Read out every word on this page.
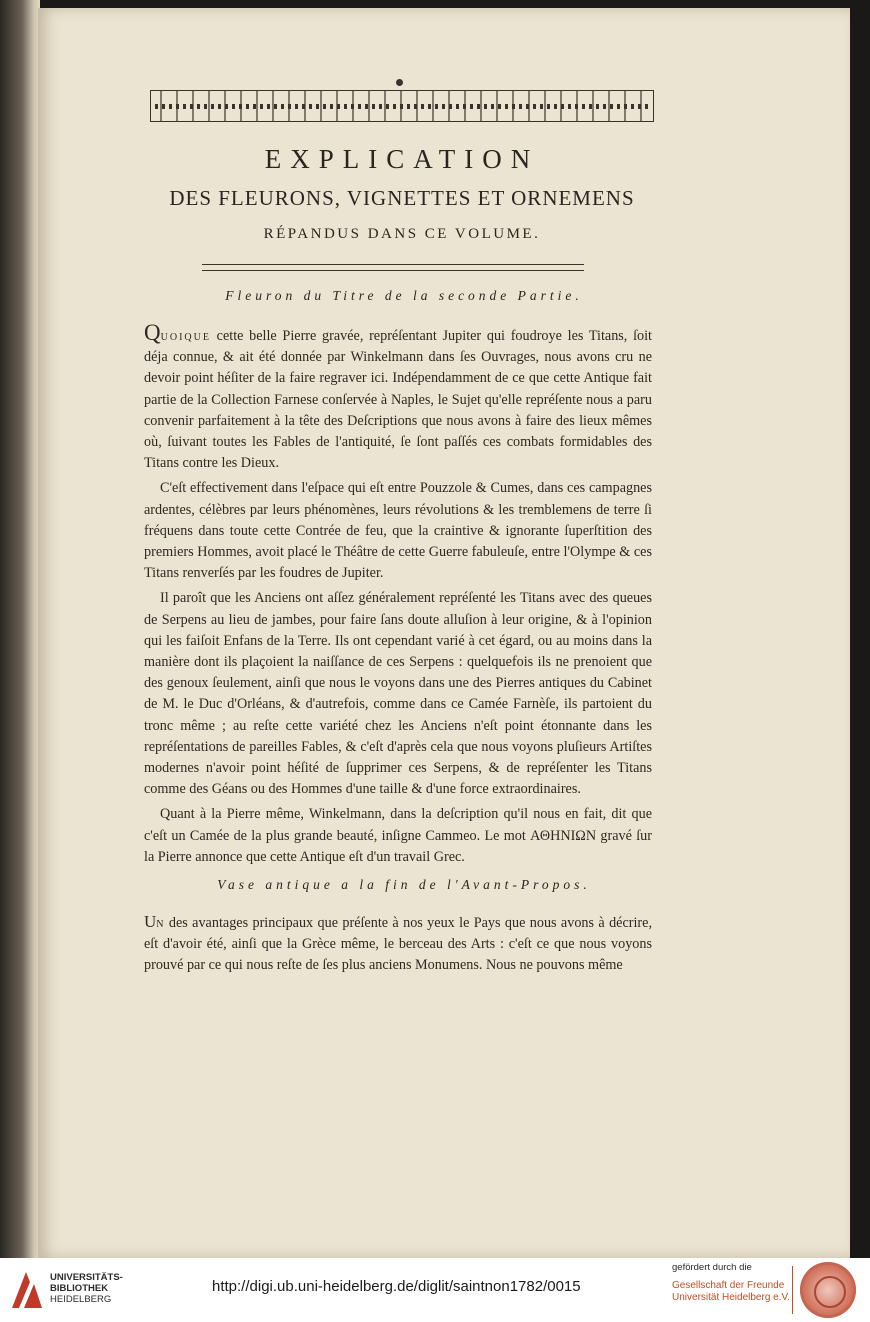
EXPLICATION
DES FLEURONS, VIGNETTES ET ORNEMENS
RÉPANDUS DANS CE VOLUME.
Fleuron du Titre de la seconde Partie.

Quoique cette belle Pierre gravée, repréſentant Jupiter qui foudroye les Titans, ſoit déja connue, & ait été donnée par Winkelmann dans ſes Ouvrages, nous avons cru ne devoir point héſiter de la faire regraver ici. Indépendamment de ce que cette Antique fait partie de la Collection Farnese conſervée à Naples, le Sujet qu'elle repréſente nous a paru convenir parfaitement à la tête des Deſcriptions que nous avons à faire des lieux mêmes où, ſuivant toutes les Fables de l'antiquité, ſe ſont paſſés ces combats formidables des Titans contre les Dieux.

C'eſt effectivement dans l'eſpace qui eſt entre Pouzzole & Cumes, dans ces campagnes ardentes, célèbres par leurs phénomènes, leurs révolutions & les tremblemens de terre ſi fréquens dans toute cette Contrée de feu, que la craintive & ignorante ſuperſtition des premiers Hommes, avoit placé le Théâtre de cette Guerre fabuleuſe, entre l'Olympe & ces Titans renverſés par les foudres de Jupiter.

Il paroît que les Anciens ont aſſez généralement repréſenté les Titans avec des queues de Serpens au lieu de jambes, pour faire ſans doute alluſion à leur origine, & à l'opinion qui les faiſoit Enfans de la Terre. Ils ont cependant varié à cet égard, ou au moins dans la manière dont ils plaçoient la naiſſance de ces Serpens : quelquefois ils ne prenoient que des genoux ſeulement, ainſi que nous le voyons dans une des Pierres antiques du Cabinet de M. le Duc d'Orléans, & d'autrefois, comme dans ce Camée Farnèſe, ils partoient du tronc même ; au reſte cette variété chez les Anciens n'eſt point étonnante dans les repréſentations de pareilles Fables, & c'eſt d'après cela que nous voyons pluſieurs Artiſtes modernes n'avoir point héſité de ſupprimer ces Serpens, & de repréſenter les Titans comme des Géans ou des Hommes d'une taille & d'une force extraordinaires.

Quant à la Pierre même, Winkelmann, dans la deſcription qu'il nous en fait, dit que c'eſt un Camée de la plus grande beauté, inſigne Cammeo. Le mot ΑΘΗΝΙΩΝ gravé ſur la Pierre annonce que cette Antique eſt d'un travail Grec.

Vase antique a la fin de l'Avant-Propos.

Un des avantages principaux que préſente à nos yeux le Pays que nous avons à décrire, eſt d'avoir été, ainſi que la Grèce même, le berceau des Arts : c'eſt ce que nous voyons prouvé par ce qui nous reſte de ſes plus anciens Monumens. Nous ne pouvons même

UNIVERSITÄTS-
BIBLIOTHEK
HEIDELBERG
http://digi.ub.uni-heidelberg.de/diglit/saintnon1782/0015
gefördert durch die
Gesellschaft der Freunde
Universität Heidelberg e.V.
